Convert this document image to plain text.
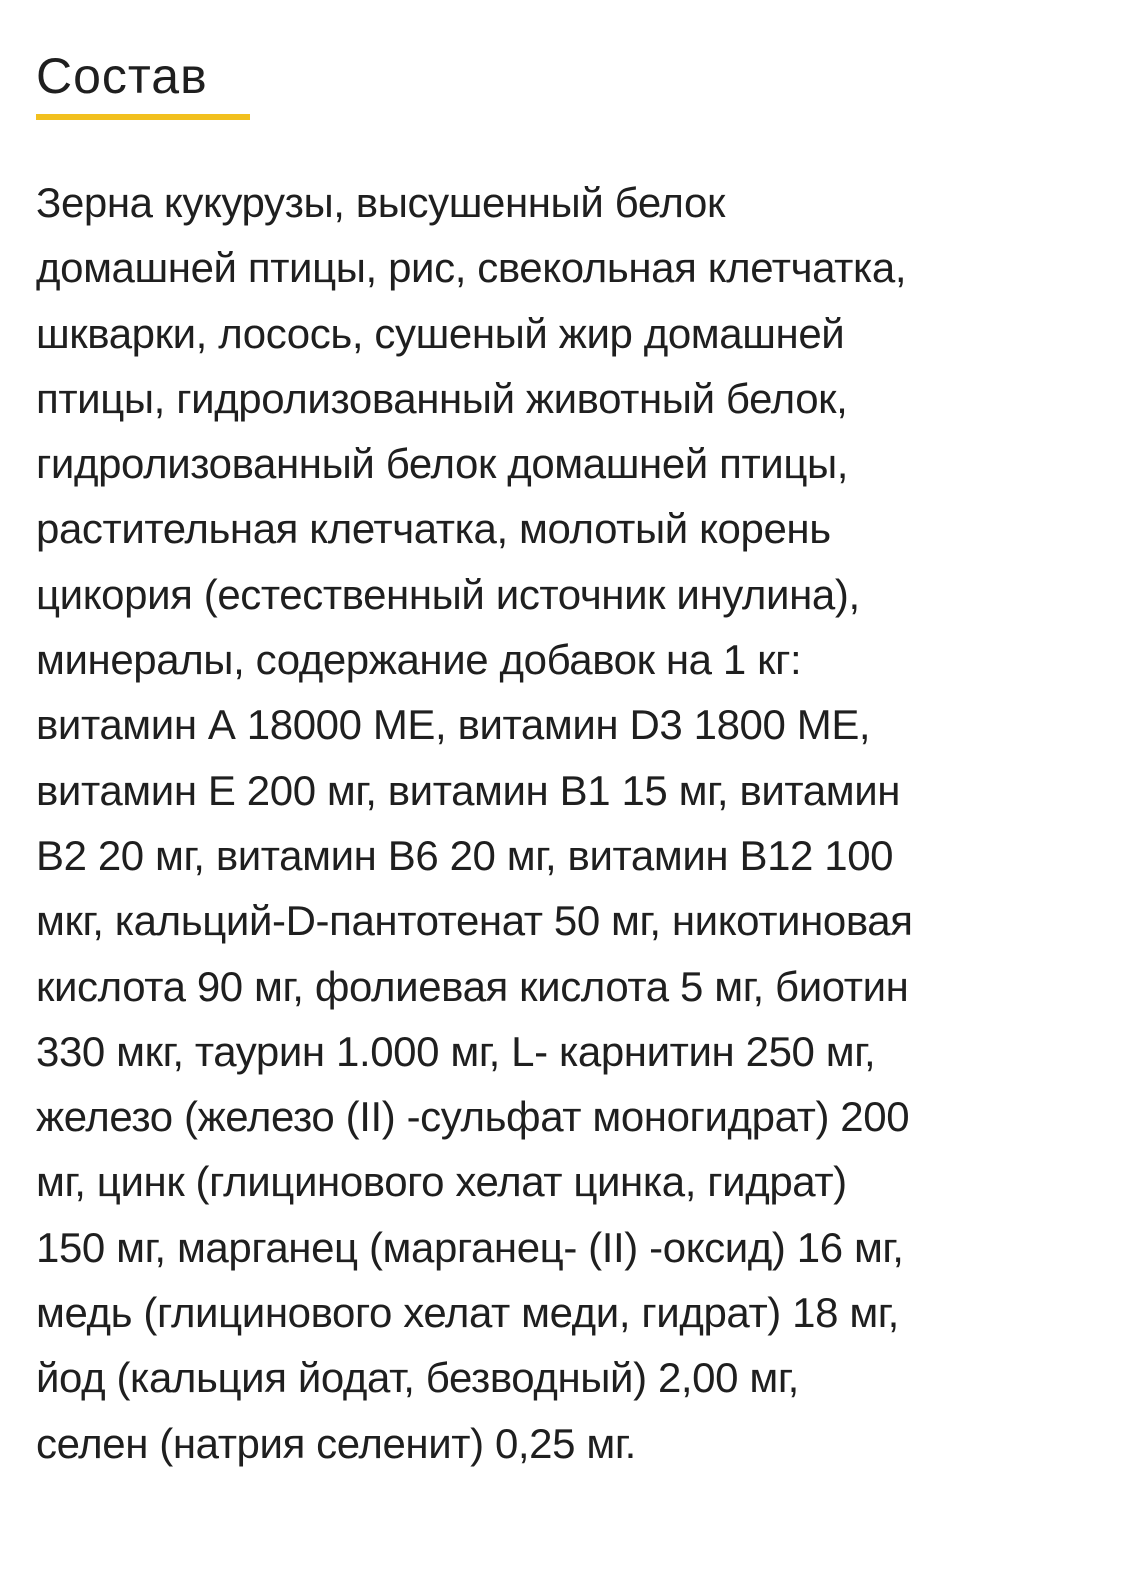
Состав

Зерна кукурузы, высушенный белок
домашней птицы, рис, свекольная клетчатка,
шкварки, лосось, сушеный жир домашней
птицы, гидролизованный животный белок,
гидролизованный белок домашней птицы,
растительная клетчатка, молотый корень
цикория (естественный источник инулина),
минералы, содержание добавок на 1 кг:
витамин А 18000 МЕ, витамин D3 1800 МЕ,
витамин Е 200 мг, витамин В1 15 мг, витамин
В2 20 мг, витамин В6 20 мг, витамин В12 100
мкг, кальций-D-пантотенат 50 мг, никотиновая
кислота 90 мг, фолиевая кислота 5 мг, биотин
330 мкг, таурин 1.000 мг, L- карнитин 250 мг,
железо (железо (II) -сульфат моногидрат) 200
мг, цинк (глицинового хелат цинка, гидрат)
150 мг, марганец (марганец- (II) -оксид) 16 мг,
медь (глицинового хелат меди, гидрат) 18 мг,
йод (кальция йодат, безводный) 2,00 мг,
селен (натрия селенит) 0,25 мг.
